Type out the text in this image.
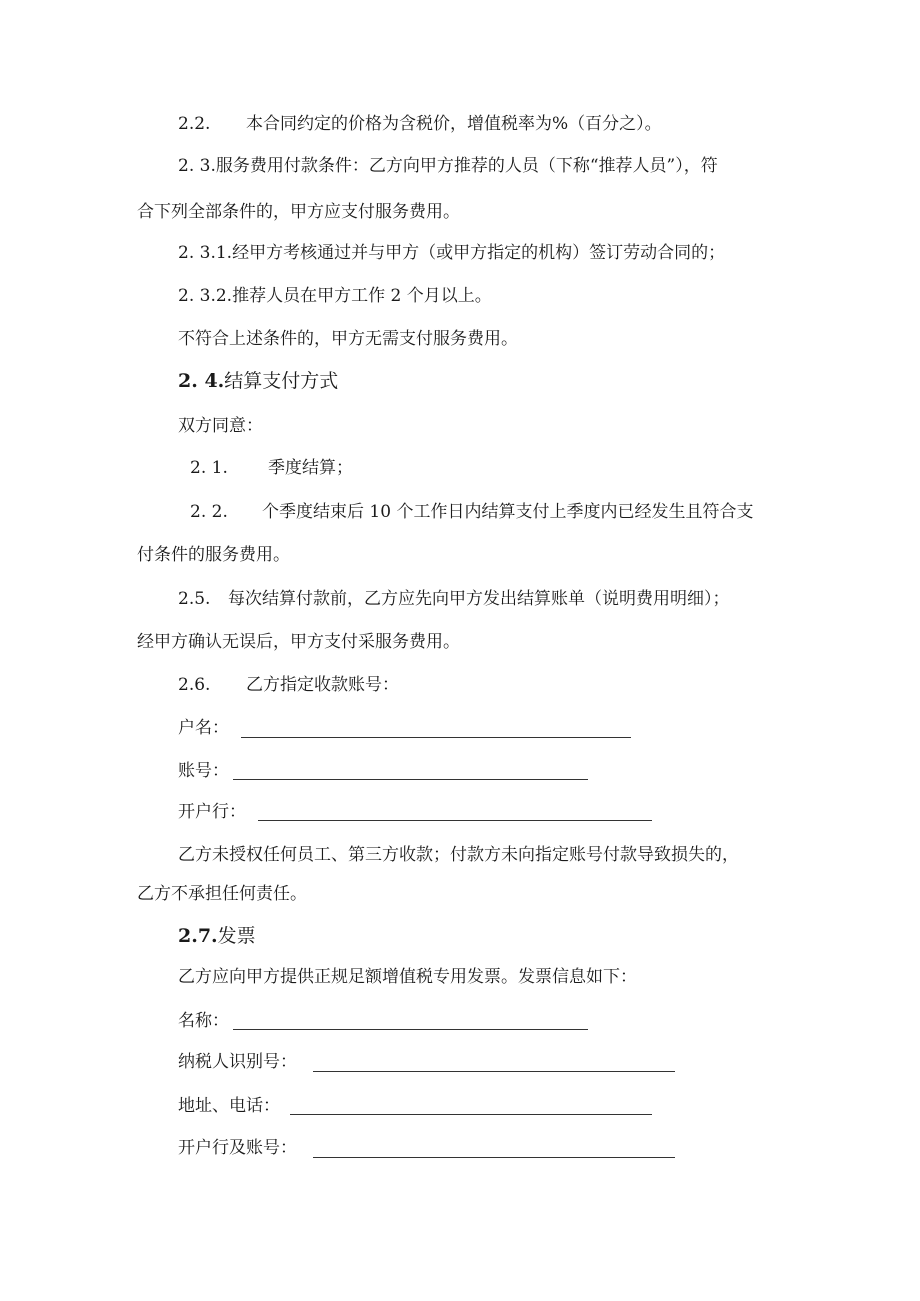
2.2. 本合同约定的价格为含税价，增值税率为%（百分之）。
2. 3.服务费用付款条件：乙方向甲方推荐的人员（下称“推荐人员”），符
合下列全部条件的，甲方应支付服务费用。
2. 3.1.经甲方考核通过并与甲方（或甲方指定的机构）签订劳动合同的；
2. 3.2.推荐人员在甲方工作 2 个月以上。
不符合上述条件的，甲方无需支付服务费用。
2. 4.结算支付方式
双方同意：
2. 1. 季度结算；
2. 2. 个季度结束后 10 个工作日内结算支付上季度内已经发生且符合支
付条件的服务费用。
2.5. 每次结算付款前，乙方应先向甲方发出结算账单（说明费用明细）；
经甲方确认无误后，甲方支付采服务费用。
2.6. 乙方指定收款账号：
户名：
账号：
开户行：
乙方未授权任何员工、第三方收款；付款方未向指定账号付款导致损失的，
乙方不承担任何责任。
2.7.发票
乙方应向甲方提供正规足额增值税专用发票。发票信息如下：
名称：
纳税人识别号：
地址、电话：
开户行及账号：
